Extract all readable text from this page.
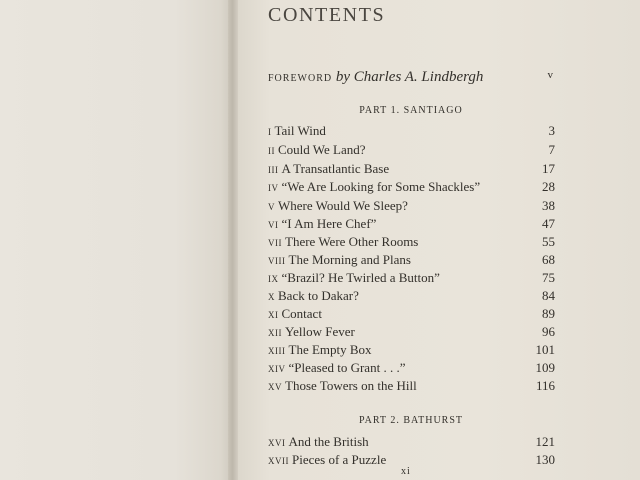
CONTENTS
FOREWORD by Charles A. Lindbergh	v
PART 1. SANTIAGO
I Tail Wind	3
II Could We Land?	7
III A Transatlantic Base	17
IV “We Are Looking for Some Shackles”	28
V Where Would We Sleep?	38
VI “I Am Here Chef”	47
VII There Were Other Rooms	55
VIII The Morning and Plans	68
IX “Brazil? He Twirled a Button”	75
X Back to Dakar?	84
XI Contact	89
XII Yellow Fever	96
XIII The Empty Box	101
XIV “Pleased to Grant . . .”	109
XV Those Towers on the Hill	116
PART 2. BATHURST
XVI And the British	121
XVII Pieces of a Puzzle	130
xi
